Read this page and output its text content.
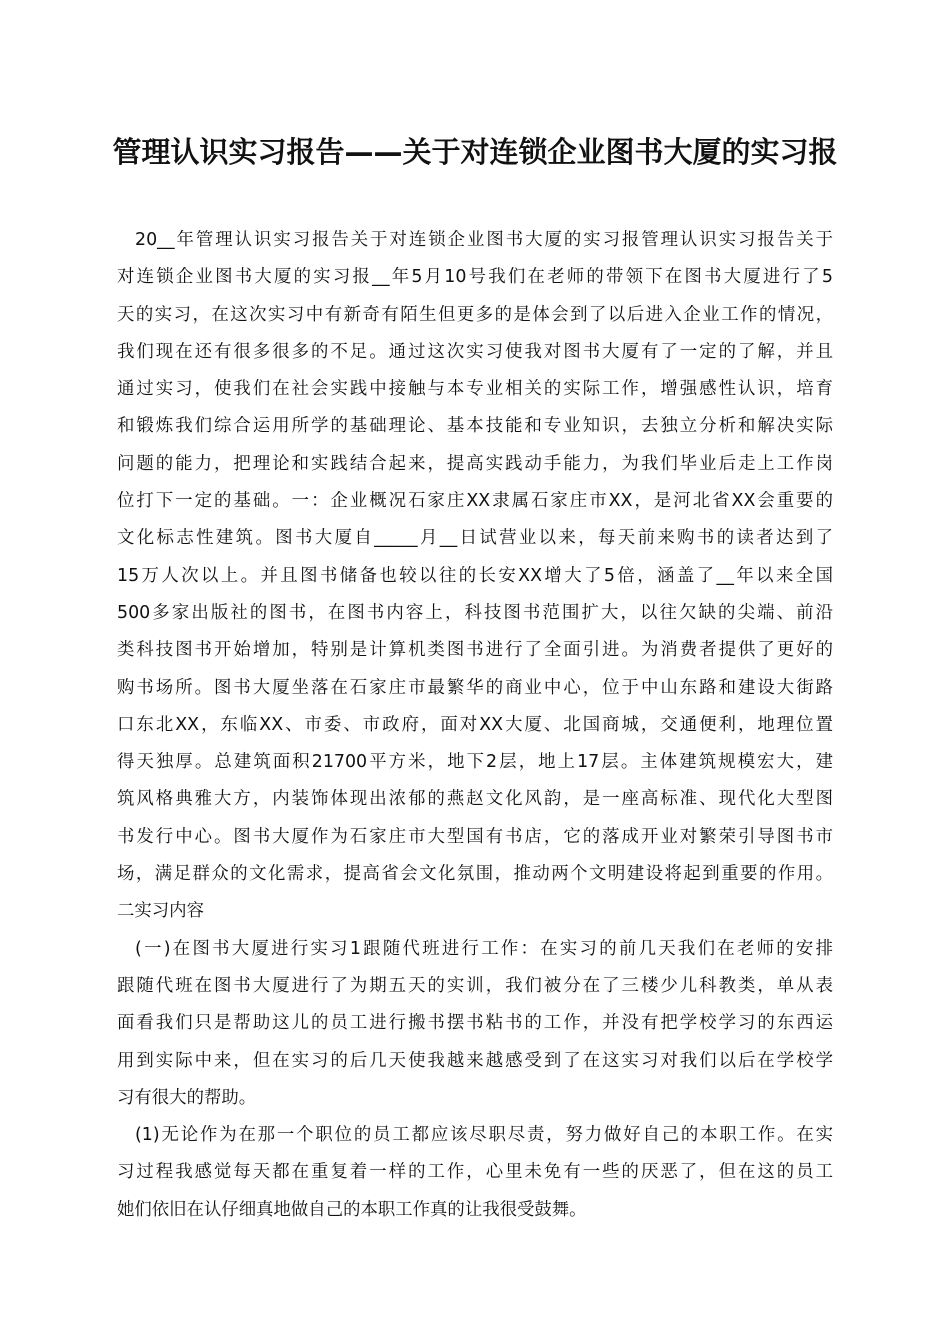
管理认识实习报告——关于对连锁企业图书大厦的实习报
20__年管理认识实习报告关于对连锁企业图书大厦的实习报管理认识实习报告关于
对连锁企业图书大厦的实习报__年5月10号我们在老师的带领下在图书大厦进行了5
天的实习，在这次实习中有新奇有陌生但更多的是体会到了以后进入企业工作的情况，
我们现在还有很多很多的不足。通过这次实习使我对图书大厦有了一定的了解，并且
通过实习，使我们在社会实践中接触与本专业相关的实际工作，增强感性认识，培育
和锻炼我们综合运用所学的基础理论、基本技能和专业知识，去独立分析和解决实际
问题的能力，把理论和实践结合起来，提高实践动手能力，为我们毕业后走上工作岗
位打下一定的基础。一：企业概况石家庄XX隶属石家庄市XX，是河北省XX会重要的
文化标志性建筑。图书大厦自_____月__日试营业以来，每天前来购书的读者达到了
15万人次以上。并且图书储备也较以往的长安XX增大了5倍，涵盖了__年以来全国
500多家出版社的图书，在图书内容上，科技图书范围扩大，以往欠缺的尖端、前沿
类科技图书开始增加，特别是计算机类图书进行了全面引进。为消费者提供了更好的
购书场所。图书大厦坐落在石家庄市最繁华的商业中心，位于中山东路和建设大街路
口东北XX，东临XX、市委、市政府，面对XX大厦、北国商城，交通便利，地理位置
得天独厚。总建筑面积21700平方米，地下2层，地上17层。主体建筑规模宏大，建
筑风格典雅大方，内装饰体现出浓郁的燕赵文化风韵，是一座高标准、现代化大型图
书发行中心。图书大厦作为石家庄市大型国有书店，它的落成开业对繁荣引导图书市
场，满足群众的文化需求，提高省会文化氛围，推动两个文明建设将起到重要的作用。
二实习内容
(一)在图书大厦进行实习1跟随代班进行工作：在实习的前几天我们在老师的安排
跟随代班在图书大厦进行了为期五天的实训，我们被分在了三楼少儿科教类，单从表
面看我们只是帮助这儿的员工进行搬书摆书粘书的工作，并没有把学校学习的东西运
用到实际中来，但在实习的后几天使我越来越感受到了在这实习对我们以后在学校学
习有很大的帮助。
(1)无论作为在那一个职位的员工都应该尽职尽责，努力做好自己的本职工作。在实
习过程我感觉每天都在重复着一样的工作，心里未免有一些的厌恶了，但在这的员工
她们依旧在认仔细真地做自己的本职工作真的让我很受鼓舞。
